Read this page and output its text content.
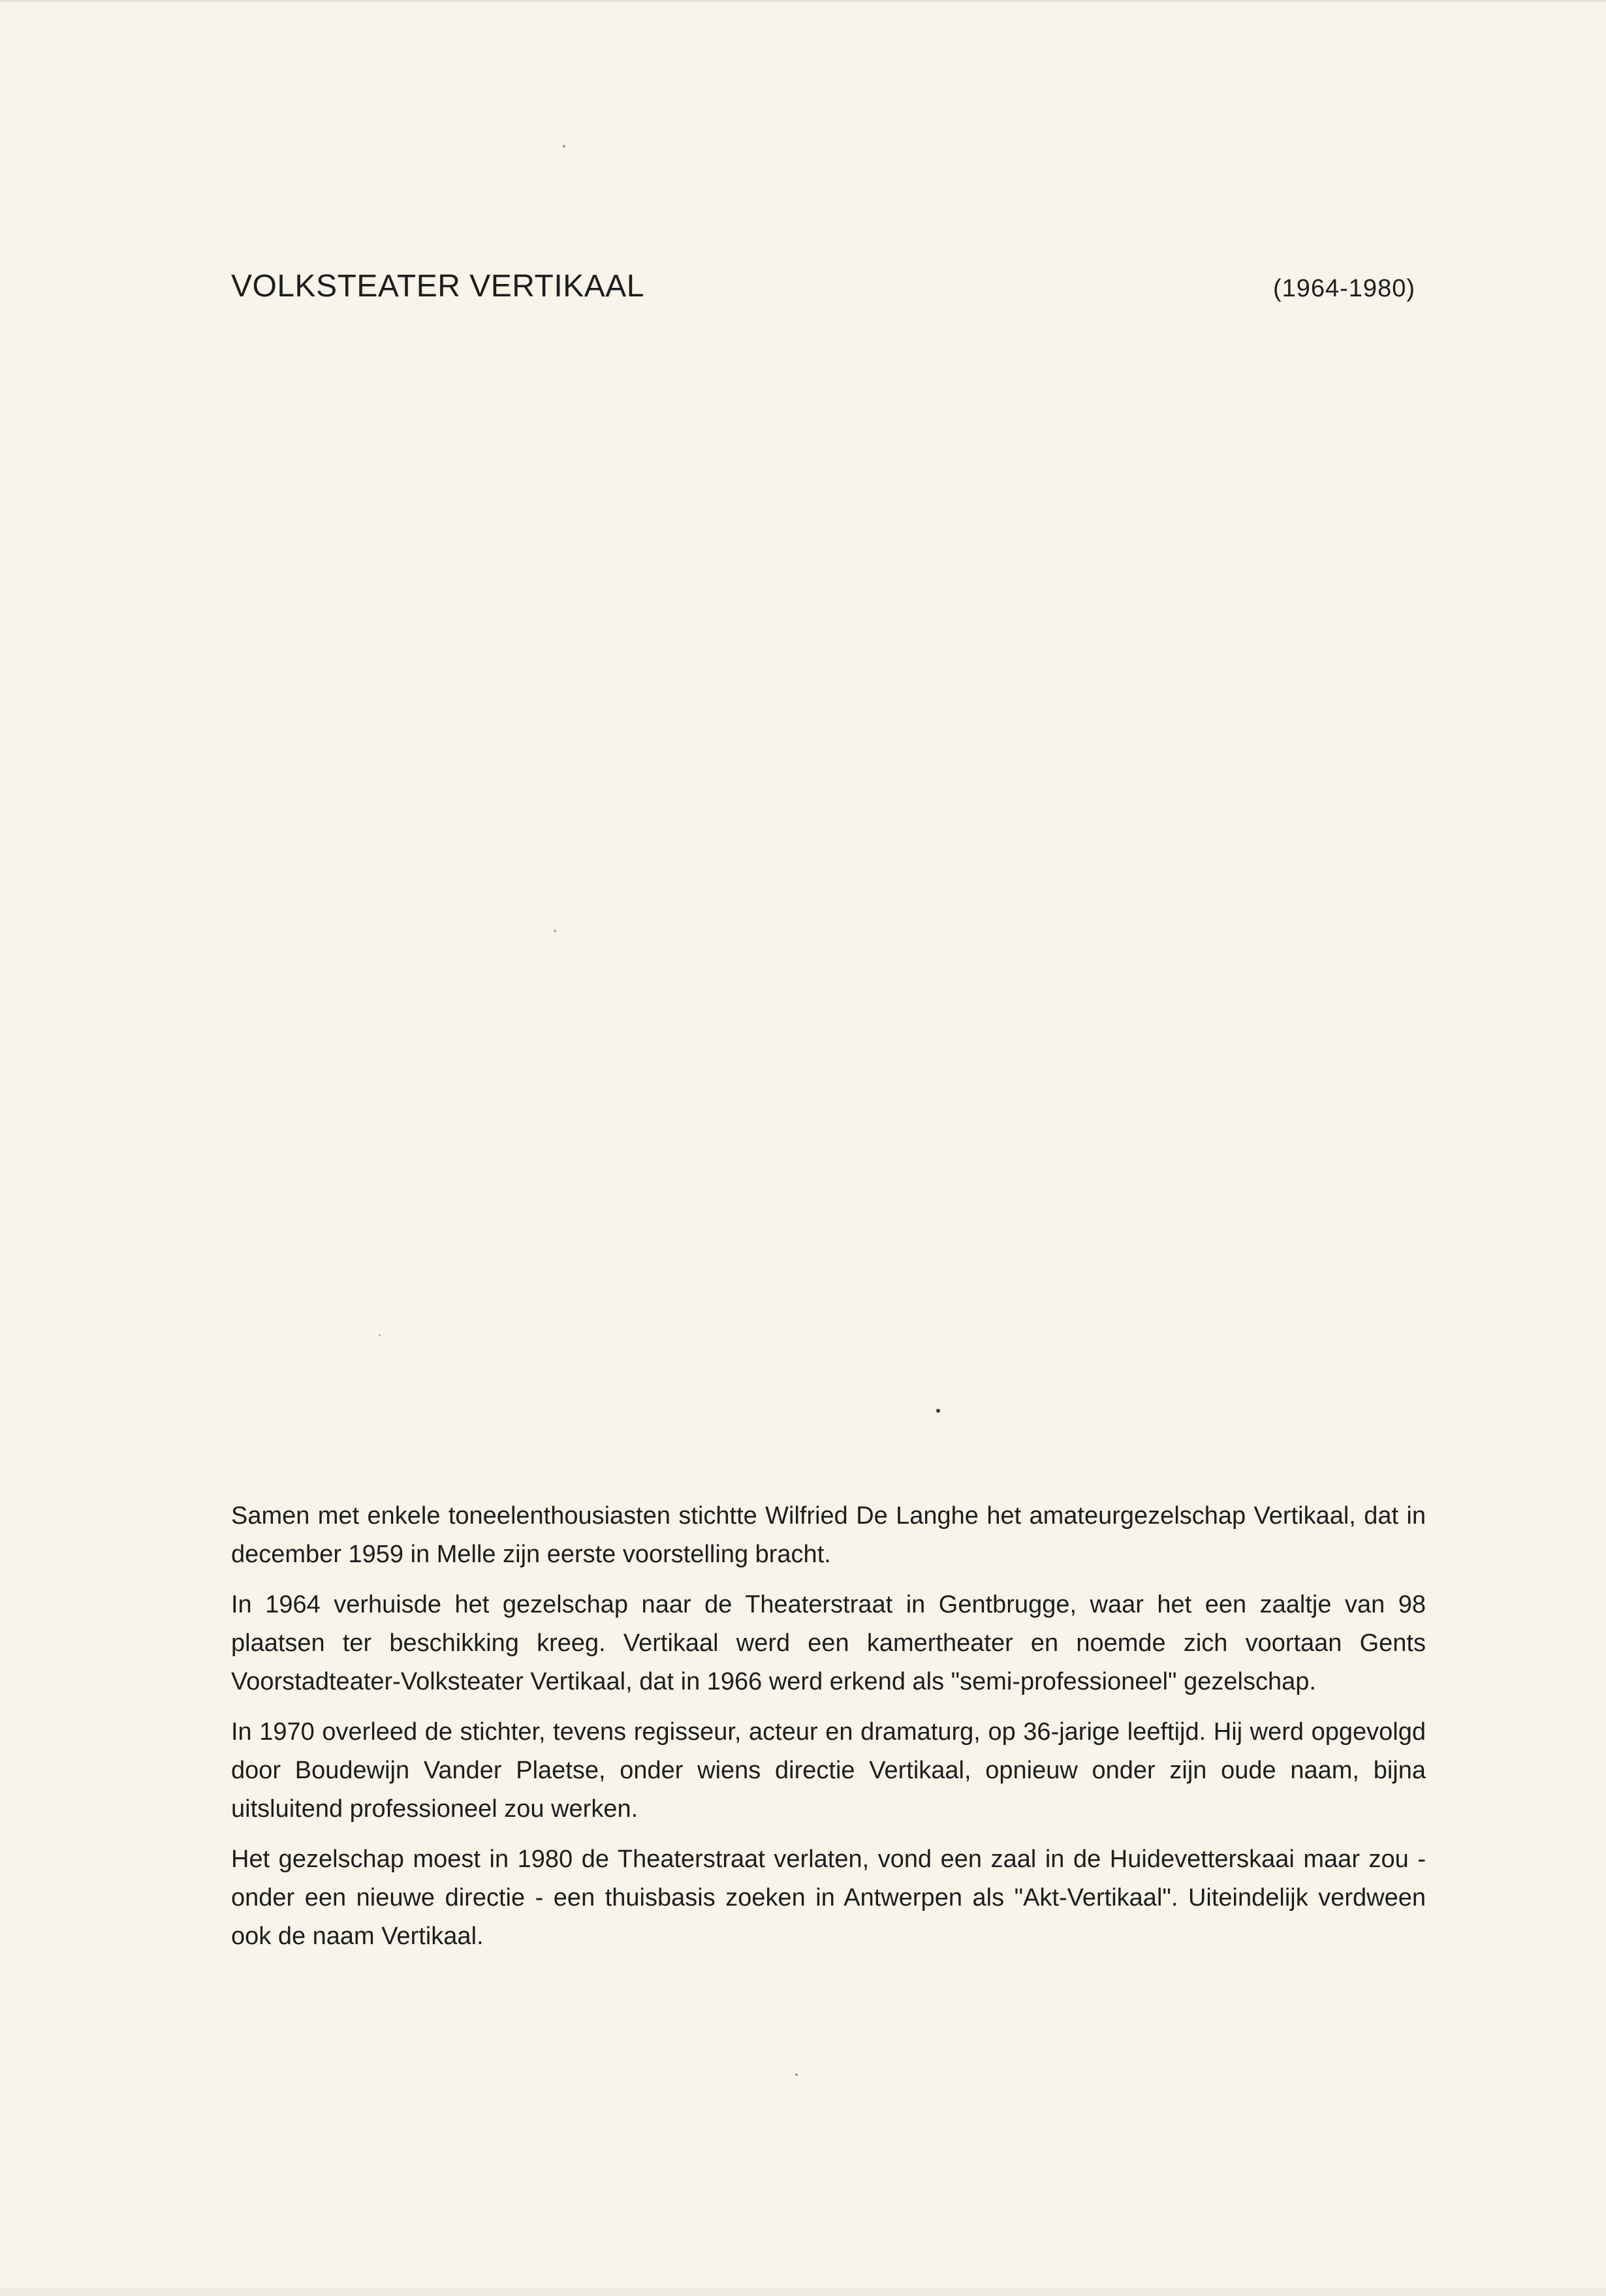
VOLKSTEATER VERTIKAAL	(1964-1980)

Samen met enkele toneelenthousiasten stichtte Wilfried De Langhe het amateurgezelschap Vertikaal, dat in december 1959 in Melle zijn eerste voorstelling bracht.

In 1964 verhuisde het gezelschap naar de Theaterstraat in Gentbrugge, waar het een zaaltje van 98 plaatsen ter beschikking kreeg. Vertikaal werd een kamertheater en noemde zich voortaan Gents Voorstadteater-Volksteater Vertikaal, dat in 1966 werd erkend als "semi-professioneel" gezelschap.

In 1970 overleed de stichter, tevens regisseur, acteur en dramaturg, op 36-jarige leeftijd. Hij werd opgevolgd door Boudewijn Vander Plaetse, onder wiens directie Vertikaal, opnieuw onder zijn oude naam, bijna uitsluitend professioneel zou werken.

Het gezelschap moest in 1980 de Theaterstraat verlaten, vond een zaal in de Huidevetterskaai maar zou - onder een nieuwe directie - een thuisbasis zoeken in Antwerpen als "Akt-Vertikaal". Uiteindelijk verdween ook de naam Vertikaal.
